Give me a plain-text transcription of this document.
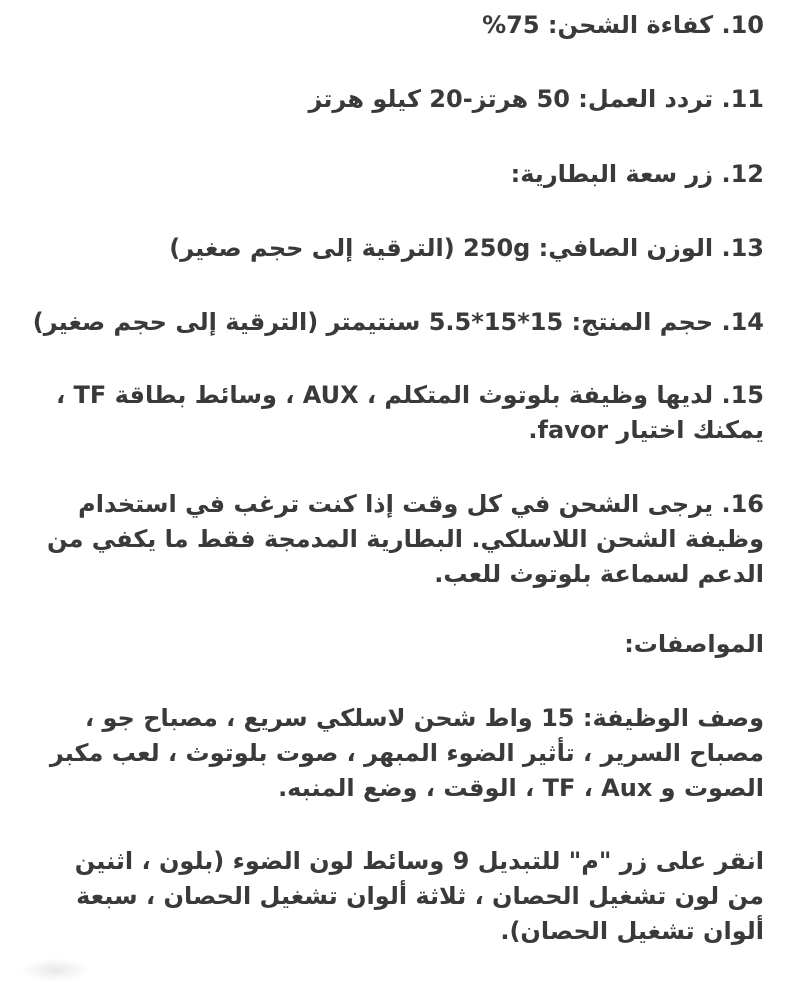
10. كفاءة الشحن: 75%

11. تردد العمل: 50 هرتز-20 كيلو هرتز

12. زر سعة البطارية:

13. الوزن الصافي: 250g (الترقية إلى حجم صغير)

14. حجم المنتج: 15*15*5.5 سنتيمتر (الترقية إلى حجم صغير)

15. لديها وظيفة بلوتوث المتكلم ، AUX ، وسائط بطاقة TF ، يمكنك اختيار favor.

16. يرجى الشحن في كل وقت إذا كنت ترغب في استخدام وظيفة الشحن اللاسلكي. البطارية المدمجة فقط ما يكفي من الدعم لسماعة بلوتوث للعب.

المواصفات:

وصف الوظيفة: 15 واط شحن لاسلكي سريع ، مصباح جو ، مصباح السرير ، تأثير الضوء المبهر ، صوت بلوتوث ، لعب مكبر الصوت و TF ، Aux ، الوقت ، وضع المنبه.

انقر على زر "م" للتبديل 9 وسائط لون الضوء (بلون ، اثنين من لون تشغيل الحصان ، ثلاثة ألوان تشغيل الحصان ، سبعة ألوان تشغيل الحصان).
